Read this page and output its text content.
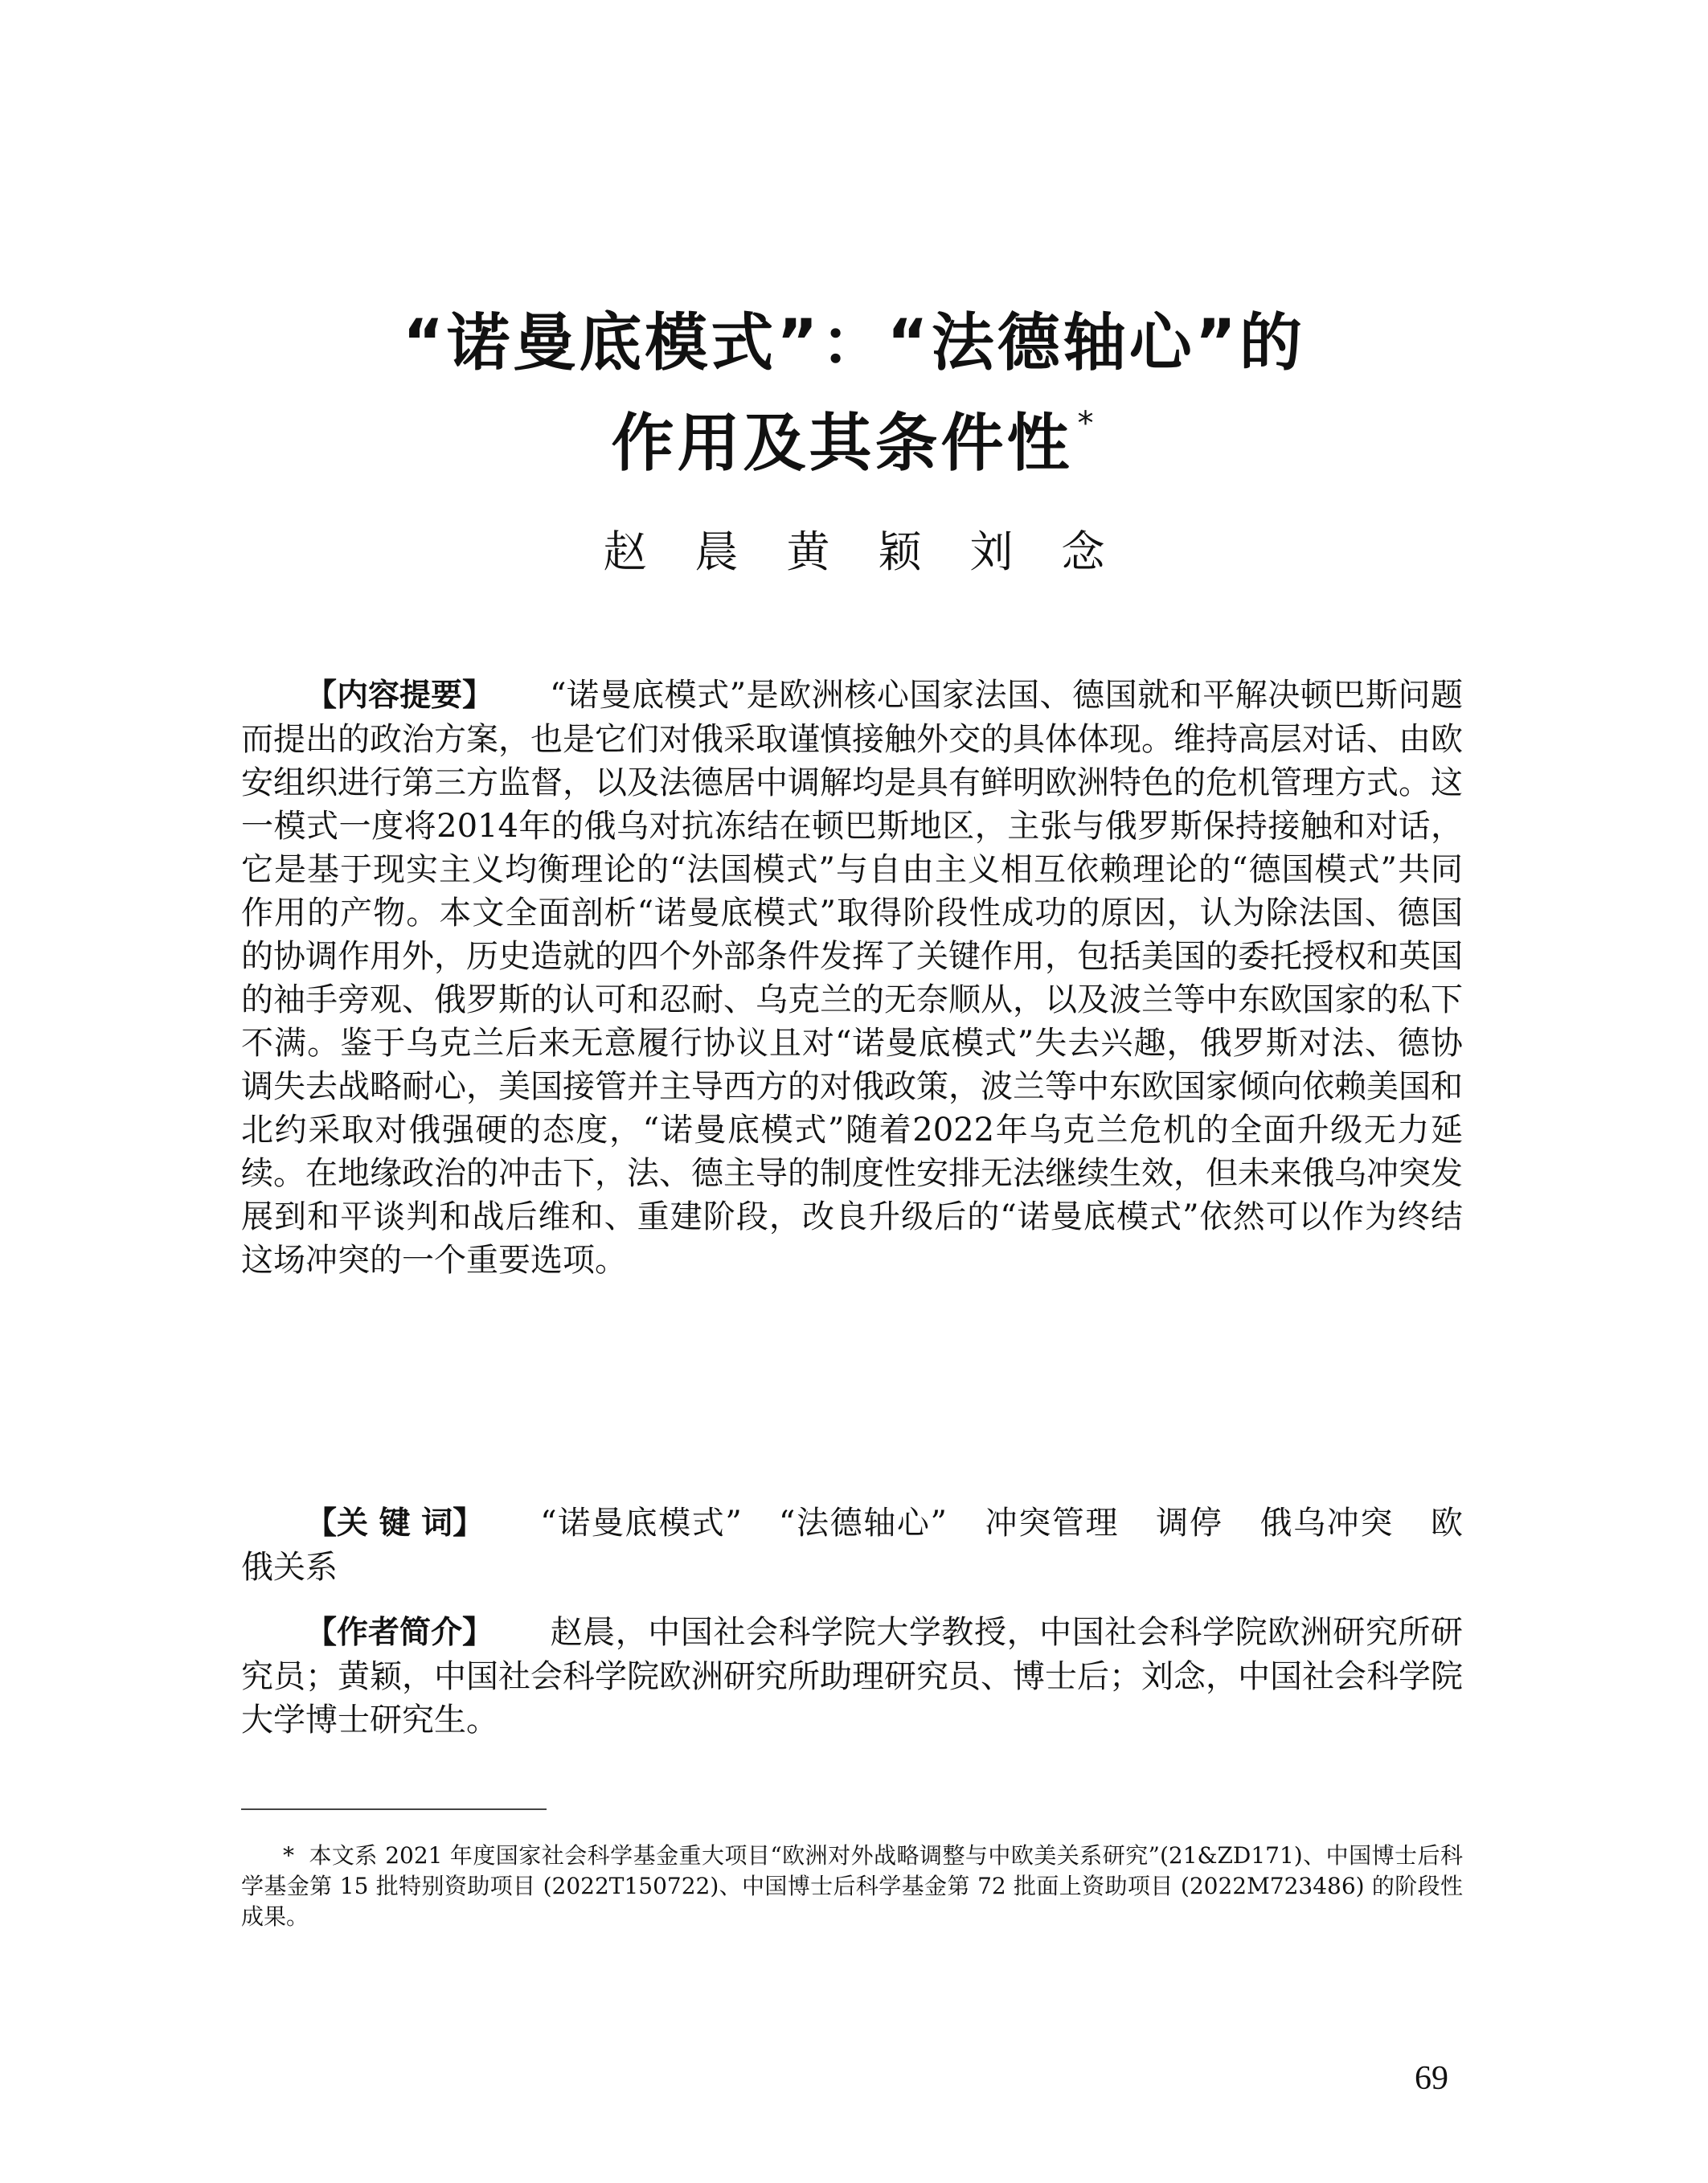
“诺曼底模式”：“法德轴心”的
作用及其条件性 *
赵 晨 黄 颖 刘 念

【内容提要】 “诺曼底模式”是欧洲核心国家法国、德国就和平解决顿巴斯问题而提出的政治方案，也是它们对俄采取谨慎接触外交的具体体现。维持高层对话、由欧安组织进行第三方监督，以及法德居中调解均是具有鲜明欧洲特色的危机管理方式。这一模式一度将2014年的俄乌对抗冻结在顿巴斯地区，主张与俄罗斯保持接触和对话，它是基于现实主义均衡理论的“法国模式”与自由主义相互依赖理论的“德国模式”共同作用的产物。本文全面剖析“诺曼底模式”取得阶段性成功的原因，认为除法国、德国的协调作用外，历史造就的四个外部条件发挥了关键作用，包括美国的委托授权和英国的袖手旁观、俄罗斯的认可和忍耐、乌克兰的无奈顺从，以及波兰等中东欧国家的私下不满。鉴于乌克兰后来无意履行协议且对“诺曼底模式”失去兴趣，俄罗斯对法、德协调失去战略耐心，美国接管并主导西方的对俄政策，波兰等中东欧国家倾向依赖美国和北约采取对俄强硬的态度，“诺曼底模式”随着2022年乌克兰危机的全面升级无力延续。在地缘政治的冲击下，法、德主导的制度性安排无法继续生效，但未来俄乌冲突发展到和平谈判和战后维和、重建阶段，改良升级后的“诺曼底模式”依然可以作为终结这场冲突的一个重要选项。

【关 键 词】 “诺曼底模式” “法德轴心” 冲突管理 调停 俄乌冲突 欧俄关系

【作者简介】 赵晨，中国社会科学院大学教授，中国社会科学院欧洲研究所研究员；黄颖，中国社会科学院欧洲研究所助理研究员、博士后；刘念，中国社会科学院大学博士研究生。

* 本文系 2021 年度国家社会科学基金重大项目“欧洲对外战略调整与中欧美关系研究”(21&ZD171)、中国博士后科学基金第 15 批特别资助项目 (2022T150722)、中国博士后科学基金第 72 批面上资助项目 (2022M723486) 的阶段性成果。

69
